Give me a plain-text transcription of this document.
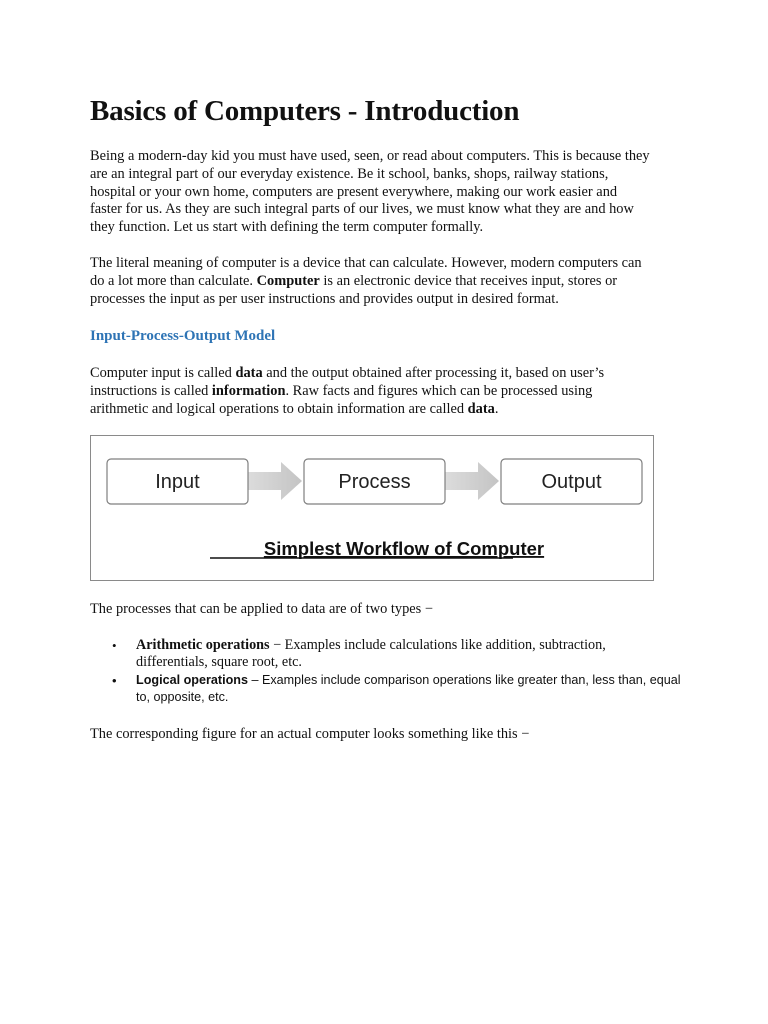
Basics of Computers - Introduction

Being a modern-day kid you must have used, seen, or read about computers. This is because they
are an integral part of our everyday existence. Be it school, banks, shops, railway stations,
hospital or your own home, computers are present everywhere, making our work easier and
faster for us. As they are such integral parts of our lives, we must know what they are and how
they function. Let us start with defining the term computer formally.

The literal meaning of computer is a device that can calculate. However, modern computers can
do a lot more than calculate. Computer is an electronic device that receives input, stores or
processes the input as per user instructions and provides output in desired format.

Input-Process-Output Model

Computer input is called data and the output obtained after processing it, based on user’s
instructions is called information. Raw facts and figures which can be processed using
arithmetic and logical operations to obtain information are called data.

Input	Process	Output
Simplest Workflow of Computer

The processes that can be applied to data are of two types −

• Arithmetic operations − Examples include calculations like addition, subtraction,
differentials, square root, etc.
• Logical operations – Examples include comparison operations like greater than, less than, equal
to, opposite, etc.

The corresponding figure for an actual computer looks something like this −
